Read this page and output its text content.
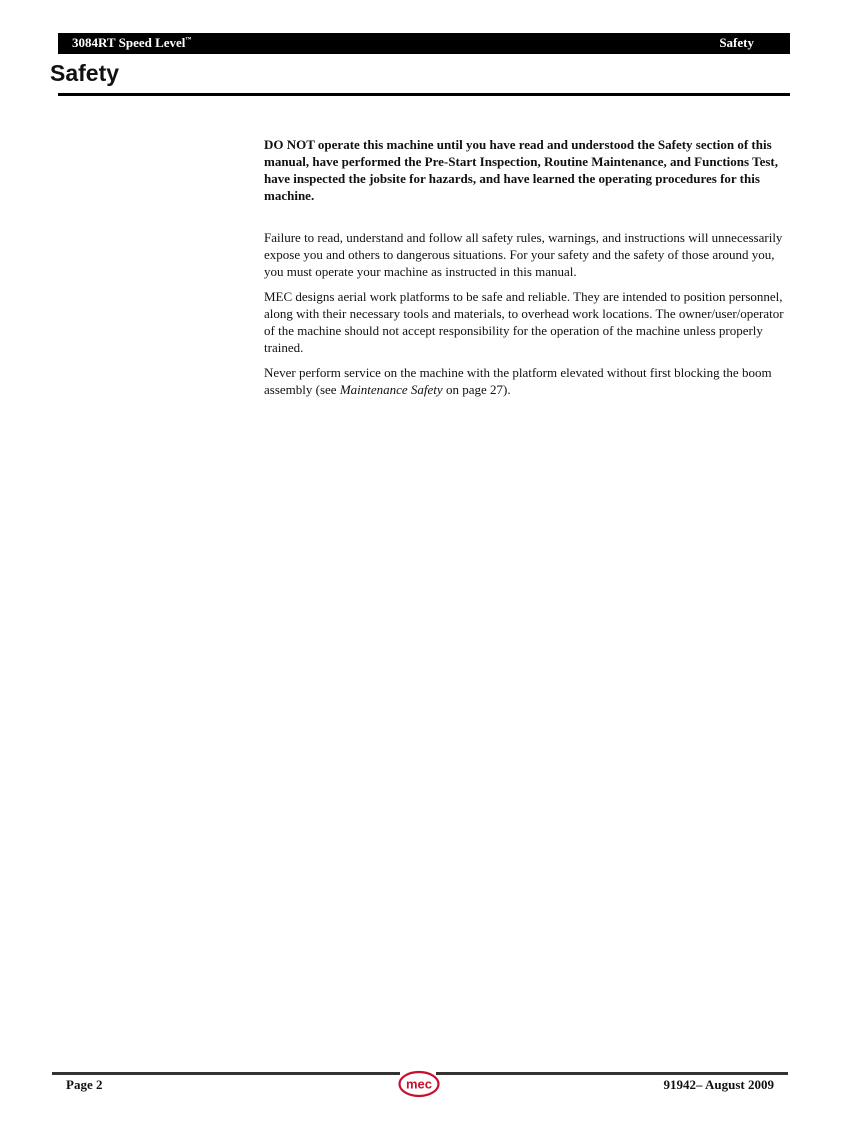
3084RT Speed Level™	Safety
Safety

DO NOT operate this machine until you have read and understood the Safety section of this manual, have performed the Pre-Start Inspection, Routine Maintenance, and Functions Test, have inspected the jobsite for hazards, and have learned the operating procedures for this machine.

Failure to read, understand and follow all safety rules, warnings, and instructions will unnecessarily expose you and others to dangerous situations. For your safety and the safety of those around you, you must operate your machine as instructed in this manual.

MEC designs aerial work platforms to be safe and reliable. They are intended to position personnel, along with their necessary tools and materials, to overhead work locations. The owner/user/operator of the machine should not accept responsibility for the operation of the machine unless properly trained.

Never perform service on the machine with the platform elevated without first blocking the boom assembly (see Maintenance Safety on page 27).

Page 2	91942– August 2009
mec
